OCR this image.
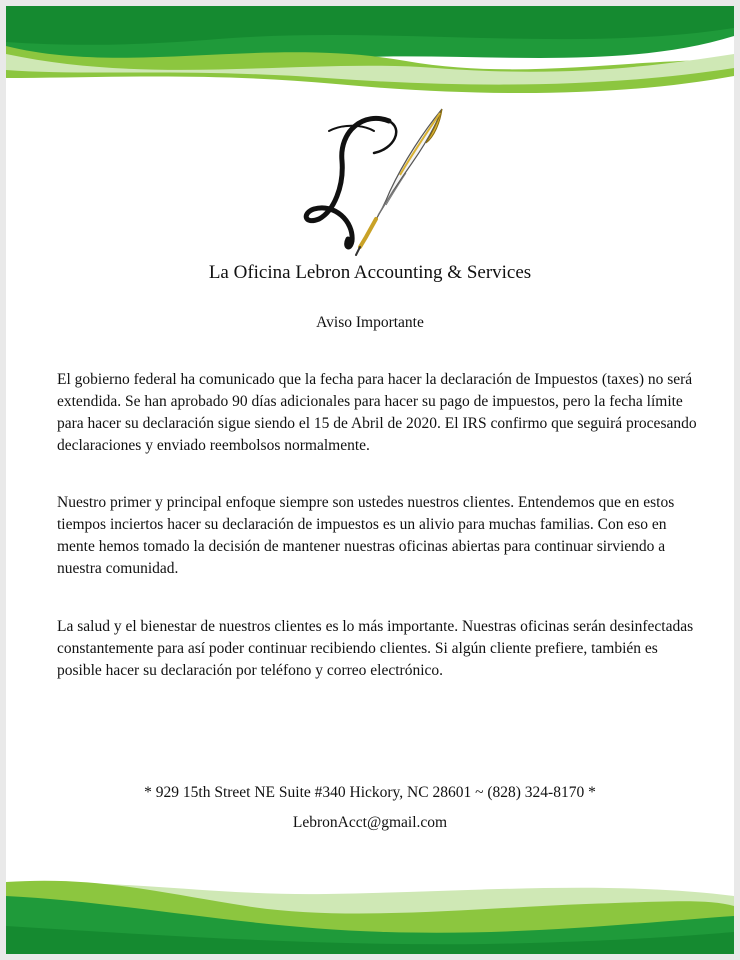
La Oficina Lebron Accounting & Services
Aviso Importante

El gobierno federal ha comunicado que la fecha para hacer la declaración de Impuestos (taxes) no será extendida. Se han aprobado 90 días adicionales para hacer su pago de impuestos, pero la fecha límite para hacer su declaración sigue siendo el 15 de Abril de 2020. El IRS confirmo que seguirá procesando declaraciones y enviado reembolsos normalmente.

Nuestro primer y principal enfoque siempre son ustedes nuestros clientes. Entendemos que en estos tiempos inciertos hacer su declaración de impuestos es un alivio para muchas familias. Con eso en mente hemos tomado la decisión de mantener nuestras oficinas abiertas para continuar sirviendo a nuestra comunidad.

La salud y el bienestar de nuestros clientes es lo más importante. Nuestras oficinas serán desinfectadas constantemente para así poder continuar recibiendo clientes. Si algún cliente prefiere, también es posible hacer su declaración por teléfono y correo electrónico.

* 929 15th Street NE Suite #340 Hickory, NC 28601 ~ (828) 324-8170 *
LebronAcct@gmail.com
